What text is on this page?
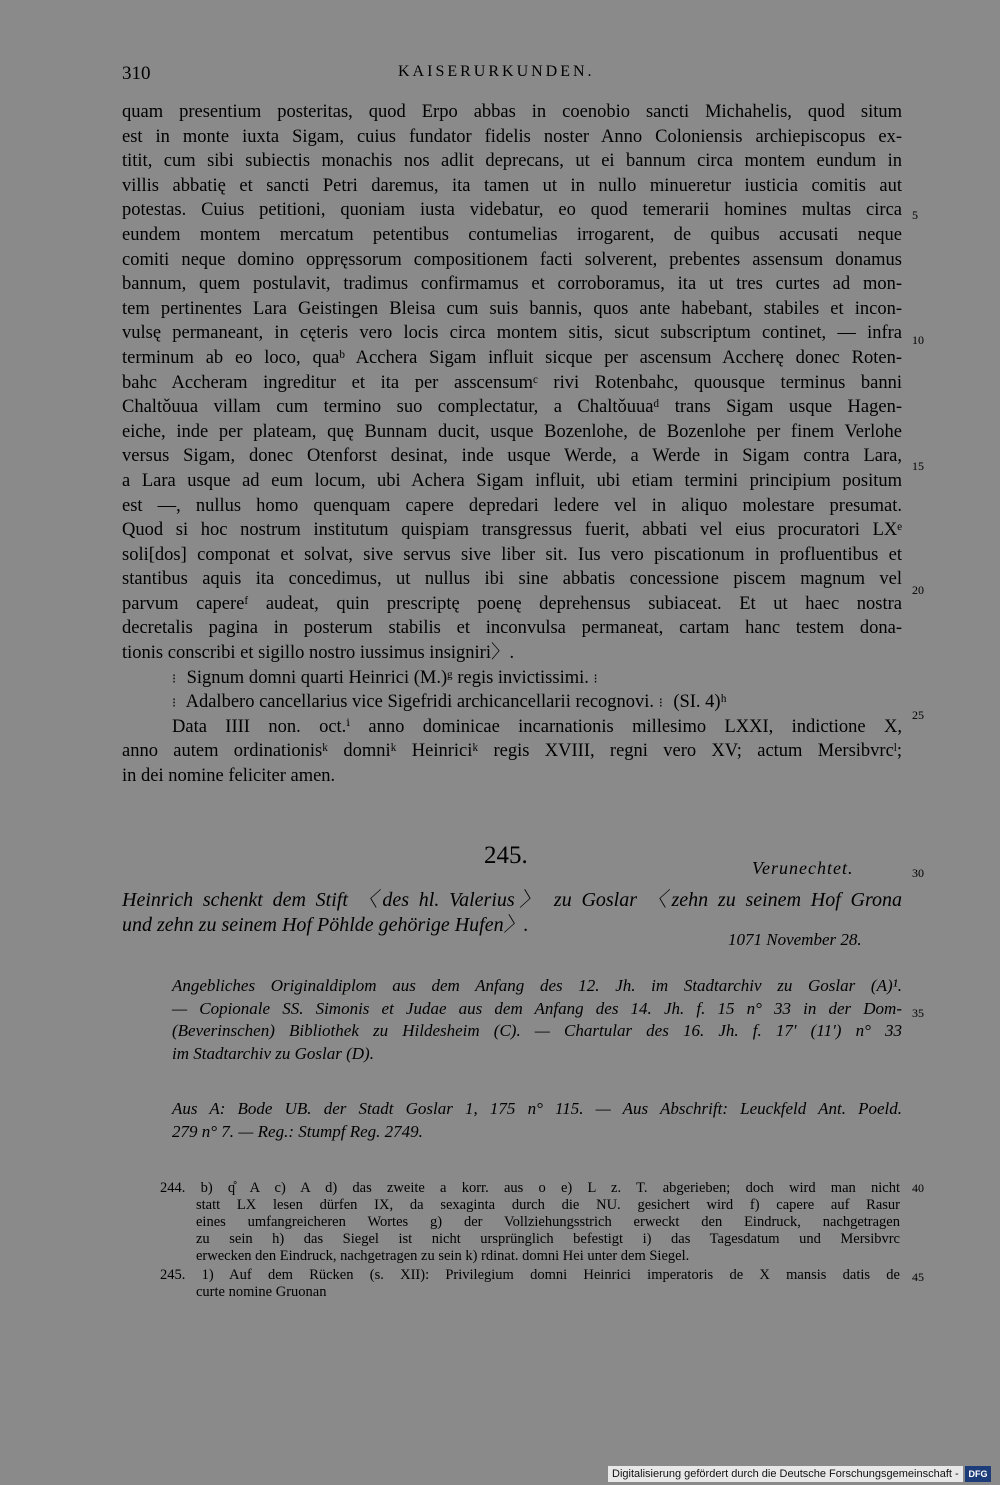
310	KAISERURKUNDEN.
quam presentium posteritas, quod Erpo abbas in coenobio sancti Michahelis, quod situm
est in monte iuxta Sigam, cuius fundator fidelis noster Anno Coloniensis archiepiscopus ex-
titit, cum sibi subiectis monachis nos adlit deprecans, ut ei bannum circa montem eundum in
villis abbatię et sancti Petri daremus, ita tamen ut in nullo minueretur iusticia comitis aut
potestas. Cuius petitioni, quoniam iusta videbatur, eo quod temerarii homines multas circa
eundem montem mercatum petentibus contumelias irrogarent, de quibus accusati neque
comiti neque domino oppręssorum compositionem facti solverent, prebentes assensum donamus
bannum, quem postulavit, tradimus confirmamus et corroboramus, ita ut tres curtes ad mon-
tem pertinentes Lara Geistingen Bleisa cum suis bannis, quos ante habebant, stabiles et incon-
vulsę permaneant, in cęteris vero locis circa montem sitis, sicut subscriptum continet, — infra
terminum ab eo loco, quaᵇ Acchera Sigam influit sicque per ascensum Accherę donec Roten-
bahc Accheram ingreditur et ita per asscensumᶜ rivi Rotenbahc, quousque terminus banni
Chaltǒuua villam cum termino suo complectatur, a Chaltǒuuaᵈ trans Sigam usque Hagen-
eiche, inde per plateam, quę Bunnam ducit, usque Bozenlohe, de Bozenlohe per finem Verlohe
versus Sigam, donec Otenforst desinat, inde usque Werde, a Werde in Sigam contra Lara,
a Lara usque ad eum locum, ubi Achera Sigam influit, ubi etiam termini principium positum
est —, nullus homo quenquam capere depredari ledere vel in aliquo molestare presumat.
Quod si hoc nostrum institutum quispiam transgressus fuerit, abbati vel eius procuratori LXᵉ
soli[dos] componat et solvat, sive servus sive liber sit. Ius vero piscationum in profluentibus et
stantibus aquis ita concedimus, ut nullus ibi sine abbatis concessione piscem magnum vel
parvum capereᶠ audeat, quin prescriptę poenę deprehensus subiaceat. Et ut haec nostra
decretalis pagina in posterum stabilis et inconvulsa permaneat, cartam hanc testem dona-
tionis conscribi et sigillo nostro iussimus insigniri〉.
⁝ Signum domni quarti Heinrici (M.)ᵍ regis invictissimi. ⁝
⁝ Adalbero cancellarius vice Sigefridi archicancellarii recognovi. ⁝ (SI. 4)ʰ
Data IIII non. oct.ⁱ anno dominicae incarnationis millesimo LXXI, indictione X,
anno autem ordinationisᵏ domniᵏ Heinriciᵏ regis XVIII, regni vero XV; actum Mersibvrcˡ;
in dei nomine feliciter amen.
5
10
15
20
25
30
35
40
45
245.	Verunechtet.
Heinrich schenkt dem Stift 〈des hl. Valerius〉 zu Goslar 〈zehn zu seinem Hof Grona
und zehn zu seinem Hof Pöhlde gehörige Hufen〉.
1071 November 28.
Angebliches Originaldiplom aus dem Anfang des 12. Jh. im Stadtarchiv zu Goslar (A)¹.
— Copionale SS. Simonis et Judae aus dem Anfang des 14. Jh. f. 15 n° 33 in der Dom-
(Beverinschen) Bibliothek zu Hildesheim (C). — Chartular des 16. Jh. f. 17′ (11′) n° 33
im Stadtarchiv zu Goslar (D).
Aus A: Bode UB. der Stadt Goslar 1, 175 n° 115. — Aus Abschrift: Leuckfeld Ant. Poeld.
279 n° 7. — Reg.: Stumpf Reg. 2749.
244. b) q̊ A c) A d) das zweite a korr. aus o e) L z. T. abgerieben; doch wird man nicht
statt LX lesen dürfen IX, da sexaginta durch die NU. gesichert wird f) capere auf Rasur
eines umfangreicheren Wortes g) der Vollziehungsstrich erweckt den Eindruck, nachgetragen
zu sein h) das Siegel ist nicht ursprünglich befestigt i) das Tagesdatum und Mersibvrc
erwecken den Eindruck, nachgetragen zu sein k) rdinat. domni Hei unter dem Siegel.
245. 1) Auf dem Rücken (s. XII): Privilegium domni Heinrici imperatoris de X mansis datis de
curte nomine Gruonan
Digitalisierung gefördert durch die Deutsche Forschungsgemeinschaft -	DFG
